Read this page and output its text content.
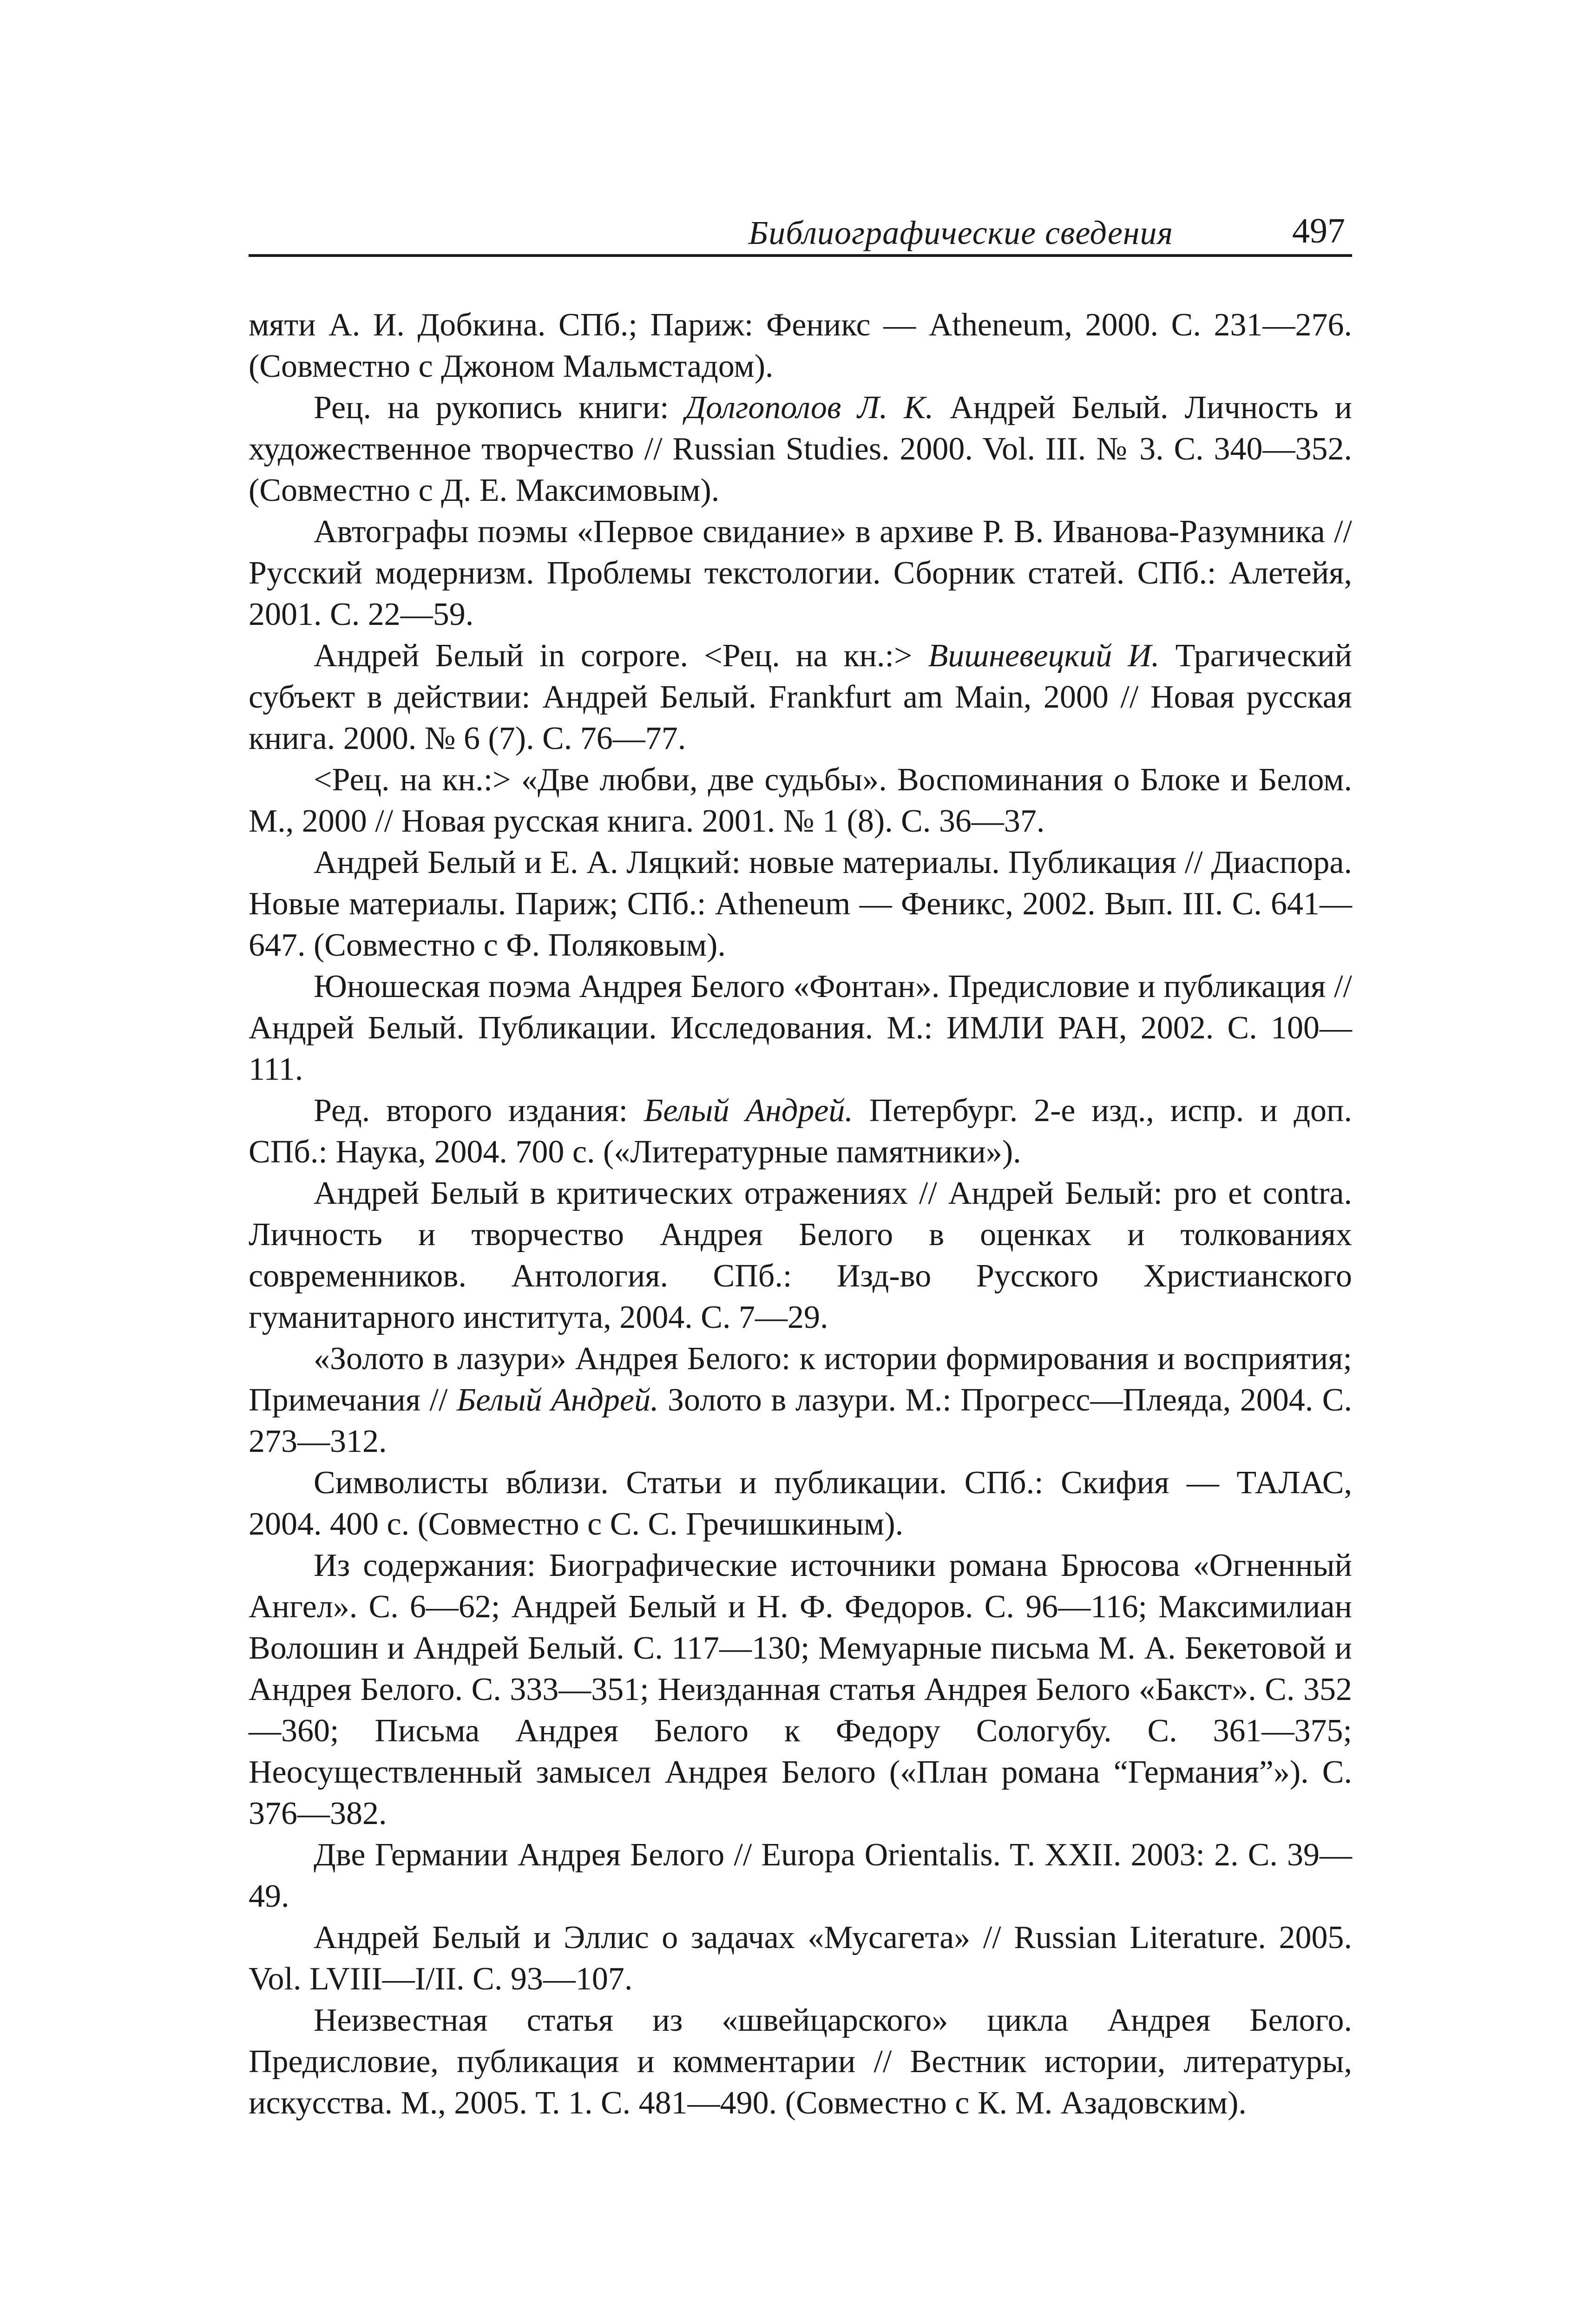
Библиографические сведения	497

мяти А. И. Добкина. СПб.; Париж: Феникс — Atheneum, 2000. С. 231—276. (Совместно с Джоном Мальмстадом).

Рец. на рукопись книги: Долгополов Л. К. Андрей Белый. Личность и художественное творчество // Russian Studies. 2000. Vol. III. № 3. С. 340—352. (Совместно с Д. Е. Максимовым).

Автографы поэмы «Первое свидание» в архиве Р. В. Иванова-Разумника // Русский модернизм. Проблемы текстологии. Сборник статей. СПб.: Алетейя, 2001. С. 22—59.

Андрей Белый in corpore. <Рец. на кн.:> Вишневецкий И. Трагический субъект в действии: Андрей Белый. Frankfurt am Main, 2000 // Новая русская книга. 2000. № 6 (7). С. 76—77.

<Рец. на кн.:> «Две любви, две судьбы». Воспоминания о Блоке и Белом. М., 2000 // Новая русская книга. 2001. № 1 (8). С. 36—37.

Андрей Белый и Е. А. Ляцкий: новые материалы. Публикация // Диаспора. Новые материалы. Париж; СПб.: Atheneum — Феникс, 2002. Вып. III. С. 641—647. (Совместно с Ф. Поляковым).

Юношеская поэма Андрея Белого «Фонтан». Предисловие и публикация // Андрей Белый. Публикации. Исследования. М.: ИМЛИ РАН, 2002. С. 100—111.

Ред. второго издания: Белый Андрей. Петербург. 2-е изд., испр. и доп. СПб.: Наука, 2004. 700 с. («Литературные памятники»).

Андрей Белый в критических отражениях // Андрей Белый: pro et contra. Личность и творчество Андрея Белого в оценках и толкованиях современников. Антология. СПб.: Изд-во Русского Христианского гуманитарного института, 2004. С. 7—29.

«Золото в лазури» Андрея Белого: к истории формирования и восприятия; Примечания // Белый Андрей. Золото в лазури. М.: Прогресс—Плеяда, 2004. С. 273—312.

Символисты вблизи. Статьи и публикации. СПб.: Скифия — ТАЛАС, 2004. 400 с. (Совместно с С. С. Гречишкиным).

Из содержания: Биографические источники романа Брюсова «Огненный Ангел». С. 6—62; Андрей Белый и Н. Ф. Федоров. С. 96—116; Максимилиан Волошин и Андрей Белый. С. 117—130; Мемуарные письма М. А. Бекетовой и Андрея Белого. С. 333—351; Неизданная статья Андрея Белого «Бакст». С. 352—360; Письма Андрея Белого к Федору Сологубу. С. 361—375; Неосуществленный замысел Андрея Белого («План романа “Германия”»). С. 376—382.

Две Германии Андрея Белого // Europa Orientalis. T. XXII. 2003: 2. С. 39—49.

Андрей Белый и Эллис о задачах «Мусагета» // Russian Literature. 2005. Vol. LVIII—I/II. С. 93—107.

Неизвестная статья из «швейцарского» цикла Андрея Белого. Предисловие, публикация и комментарии // Вестник истории, литературы, искусства. М., 2005. Т. 1. С. 481—490. (Совместно с К. М. Азадовским).
